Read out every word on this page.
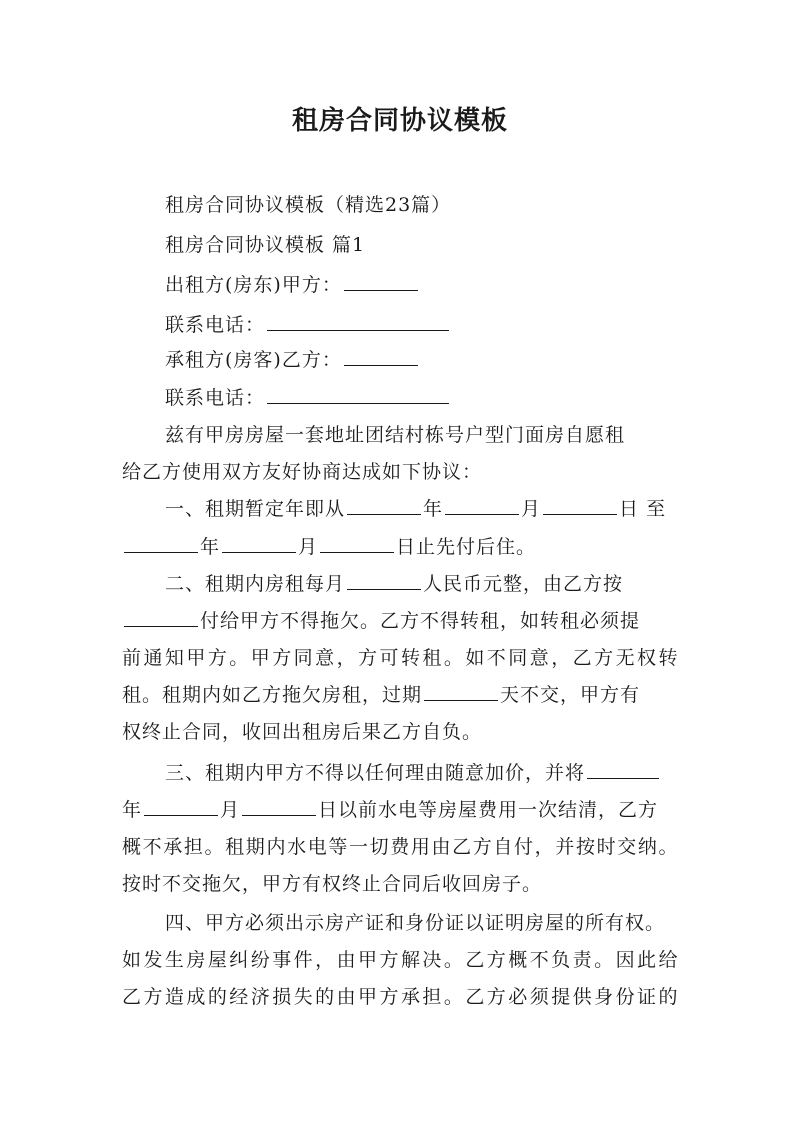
租房合同协议模板
租房合同协议模板（精选23篇）
租房合同协议模板 篇1
出租方(房东)甲方：
联系电话：
承租方(房客)乙方：
联系电话：
兹有甲房房屋一套地址团结村栋号户型门面房自愿租
给乙方使用双方友好协商达成如下协议：
一、租期暂定年即从	年	月	日 至
年	月	日止先付后住。
二、租期内房租每月	人民币元整，由乙方按
付给甲方不得拖欠。乙方不得转租，如转租必须提
前通知甲方。甲方同意，方可转租。如不同意，乙方无权转
租。租期内如乙方拖欠房租，过期	天不交，甲方有
权终止合同，收回出租房后果乙方自负。
三、租期内甲方不得以任何理由随意加价，并将
年	月	日以前水电等房屋费用一次结清，乙方
概不承担。租期内水电等一切费用由乙方自付，并按时交纳。
按时不交拖欠，甲方有权终止合同后收回房子。
四、甲方必须出示房产证和身份证以证明房屋的所有权。
如发生房屋纠纷事件，由甲方解决。乙方概不负责。因此给
乙方造成的经济损失的由甲方承担。乙方必须提供身份证的
